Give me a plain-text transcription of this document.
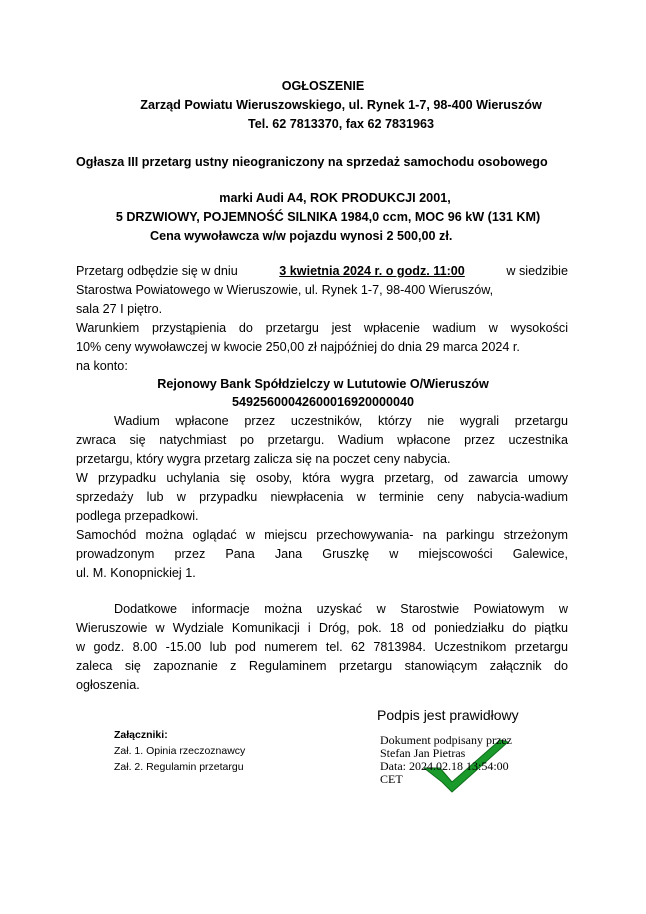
OGŁOSZENIE
Zarząd Powiatu Wieruszowskiego, ul. Rynek 1-7, 98-400 Wieruszów
Tel. 62 7813370, fax 62 7831963
Ogłasza III przetarg ustny nieograniczony na sprzedaż samochodu osobowego
marki Audi A4, ROK PRODUKCJI 2001,
5 DRZWIOWY, POJEMNOŚĆ SILNIKA 1984,0 ccm, MOC 96 kW (131 KM)
Cena wywoławcza w/w pojazdu wynosi 2 500,00 zł.
Przetarg odbędzie się w dniu	3 kwietnia 2024 r. o godz. 11:00	w siedzibie
Starostwa Powiatowego w Wieruszowie, ul. Rynek 1-7, 98-400 Wieruszów,
sala 27 I piętro.
Warunkiem przystąpienia do przetargu jest wpłacenie wadium w wysokości
10% ceny wywoławczej w kwocie 250,00 zł najpóźniej do dnia 29 marca 2024 r.
na konto:
Rejonowy Bank Spółdzielczy w Lututowie O/Wieruszów
54925600042600016920000040
Wadium wpłacone przez uczestników, którzy nie wygrali przetargu
zwraca się natychmiast po przetargu. Wadium wpłacone przez uczestnika
przetargu, który wygra przetarg zalicza się na poczet ceny nabycia.
W przypadku uchylania się osoby, która wygra przetarg, od zawarcia umowy
sprzedaży lub w przypadku niewpłacenia w terminie ceny nabycia-wadium
podlega przepadkowi.
Samochód można oglądać w miejscu przechowywania- na parkingu strzeżonym
prowadzonym przez Pana Jana Gruszkę w miejscowości Galewice,
ul. M. Konopnickiej 1.
Dodatkowe informacje można uzyskać w Starostwie Powiatowym w
Wieruszowie w Wydziale Komunikacji i Dróg, pok. 18 od poniedziałku do piątku
w godz. 8.00 -15.00 lub pod numerem tel. 62 7813984. Uczestnikom przetargu
zaleca się zapoznanie z Regulaminem przetargu stanowiącym załącznik do
ogłoszenia.
Załączniki:
Zał. 1. Opinia rzeczoznawcy
Zał. 2. Regulamin przetargu
Podpis jest prawidłowy
Dokument podpisany przez
Stefan Jan Pietras
Data: 2024.02.18 13:54:00
CET
